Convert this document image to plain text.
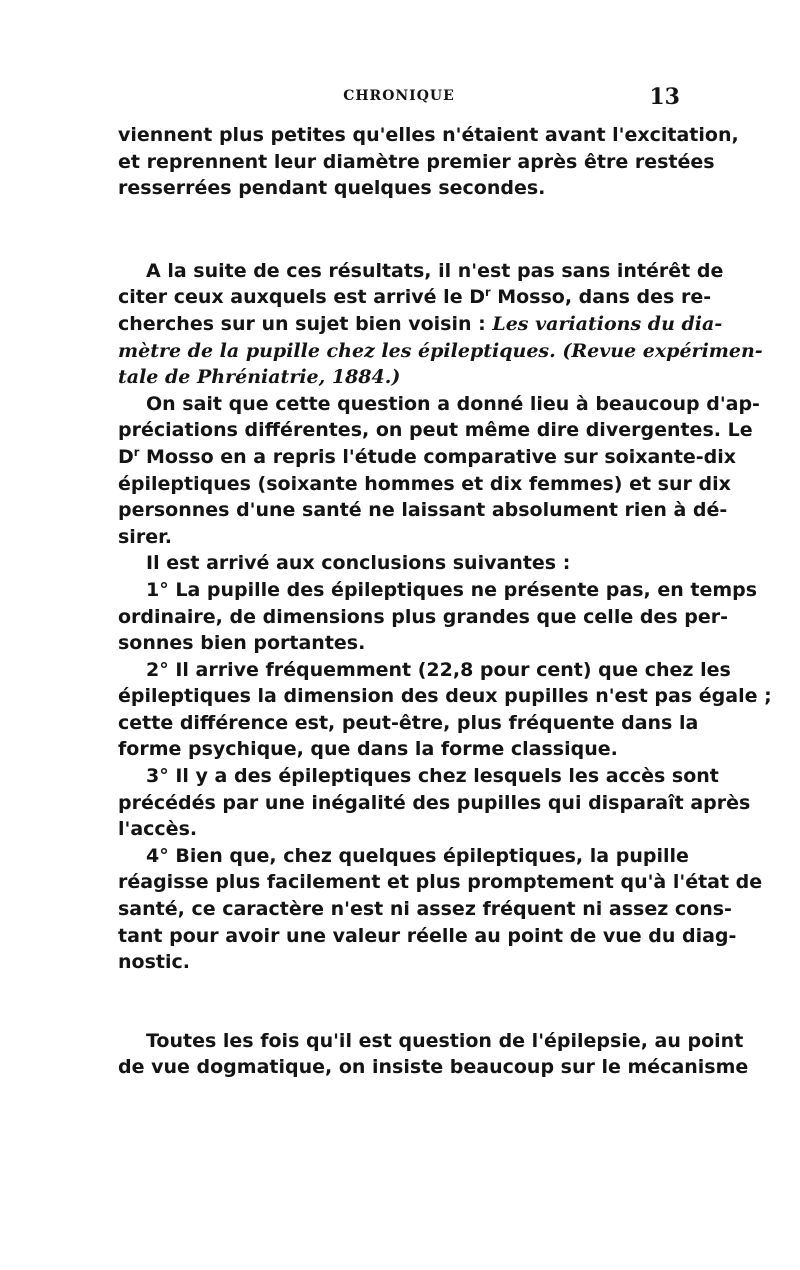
CHRONIQUE	13
viennent plus petites qu'elles n'étaient avant l'excitation,
et reprennent leur diamètre premier après être restées
resserrées pendant quelques secondes.
A la suite de ces résultats, il n'est pas sans intérêt de
citer ceux auxquels est arrivé le $D^r$ Mosso, dans des re-
cherches sur un sujet bien voisin : Les variations du dia-
mètre de la pupille chez les épileptiques. (Revue expérimen-
tale de Phréniatrie, 1884.)
On sait que cette question a donné lieu à beaucoup d'ap-
préciations différentes, on peut même dire divergentes. Le
$D^r$ Mosso en a repris l'étude comparative sur soixante-dix
épileptiques (soixante hommes et dix femmes) et sur dix
personnes d'une santé ne laissant absolument rien à dé-
sirer.
Il est arrivé aux conclusions suivantes :
1° La pupille des épileptiques ne présente pas, en temps
ordinaire, de dimensions plus grandes que celle des per-
sonnes bien portantes.
2° Il arrive fréquemment (22,8 pour cent) que chez les
épileptiques la dimension des deux pupilles n'est pas égale ;
cette différence est, peut-être, plus fréquente dans la
forme psychique, que dans la forme classique.
3° Il y a des épileptiques chez lesquels les accès sont
précédés par une inégalité des pupilles qui disparaît après
l'accès.
4° Bien que, chez quelques épileptiques, la pupille
réagisse plus facilement et plus promptement qu'à l'état de
santé, ce caractère n'est ni assez fréquent ni assez cons-
tant pour avoir une valeur réelle au point de vue du diag-
nostic.
Toutes les fois qu'il est question de l'épilepsie, au point
de vue dogmatique, on insiste beaucoup sur le mécanisme
